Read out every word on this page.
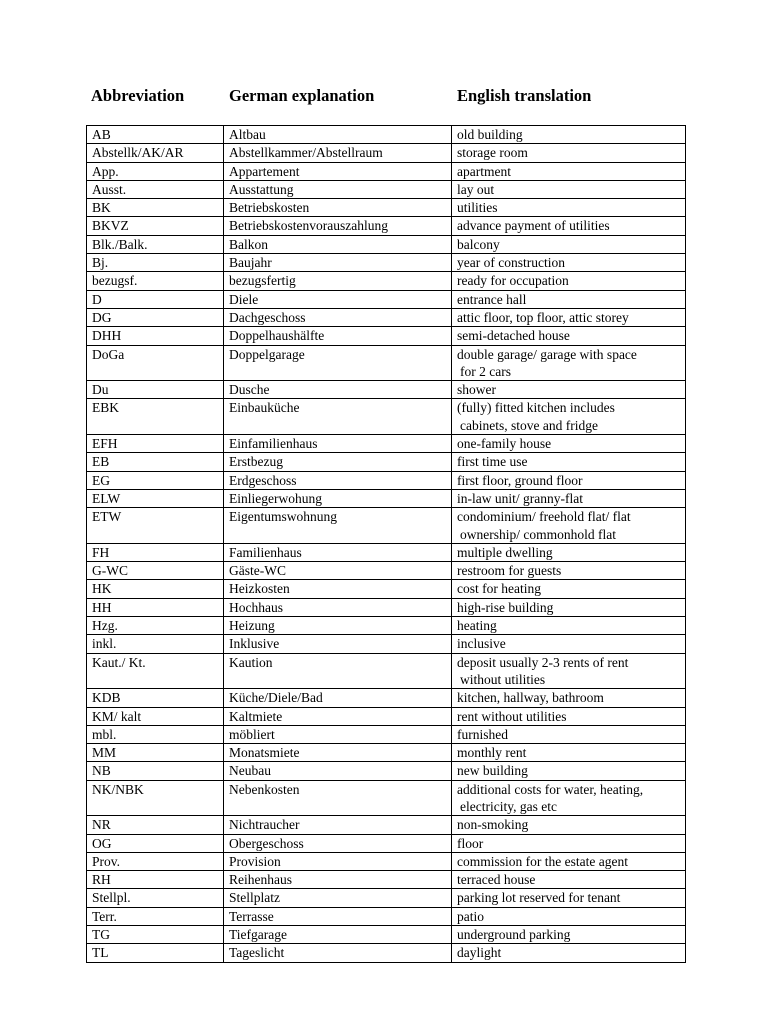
Abbreviation	German explanation	English translation
AB	Altbau	old building

Abstellk/AK/AR	Abstellkammer/Abstellraum	storage room

App.	Appartement	apartment

Ausst.	Ausstattung	lay out

BK	Betriebskosten	utilities

BKVZ	Betriebskostenvorauszahlung	advance payment of utilities

Blk./Balk.	Balkon	balcony

Bj.	Baujahr	year of construction

bezugsf.	bezugsfertig	ready for occupation

D	Diele	entrance hall

DG	Dachgeschoss	attic floor, top floor, attic storey

DHH	Doppelhaushälfte	semi-detached house

DoGa	Doppelgarage	double garage/ garage with space
for 2 cars

Du	Dusche	shower

EBK	Einbauküche	(fully) fitted kitchen includes
cabinets, stove and fridge

EFH	Einfamilienhaus	one-family house

EB	Erstbezug	first time use

EG	Erdgeschoss	first floor, ground floor

ELW	Einliegerwohung	in-law unit/ granny-flat

ETW	Eigentumswohnung	condominium/ freehold flat/ flat
ownership/ commonhold flat

FH	Familienhaus	multiple dwelling

G-WC	Gäste-WC	restroom for guests

HK	Heizkosten	cost for heating

HH	Hochhaus	high-rise building

Hzg.	Heizung	heating

inkl.	Inklusive	inclusive

Kaut./ Kt.	Kaution	deposit usually 2-3 rents of rent
without utilities

KDB	Küche/Diele/Bad	kitchen, hallway, bathroom

KM/ kalt	Kaltmiete	rent without utilities

mbl.	möbliert	furnished

MM	Monatsmiete	monthly rent

NB	Neubau	new building

NK/NBK	Nebenkosten	additional costs for water, heating,
electricity, gas etc

NR	Nichtraucher	non-smoking

OG	Obergeschoss	floor

Prov.	Provision	commission for the estate agent

RH	Reihenhaus	terraced house

Stellpl.	Stellplatz	parking lot reserved for tenant

Terr.	Terrasse	patio

TG	Tiefgarage	underground parking

TL	Tageslicht	daylight
